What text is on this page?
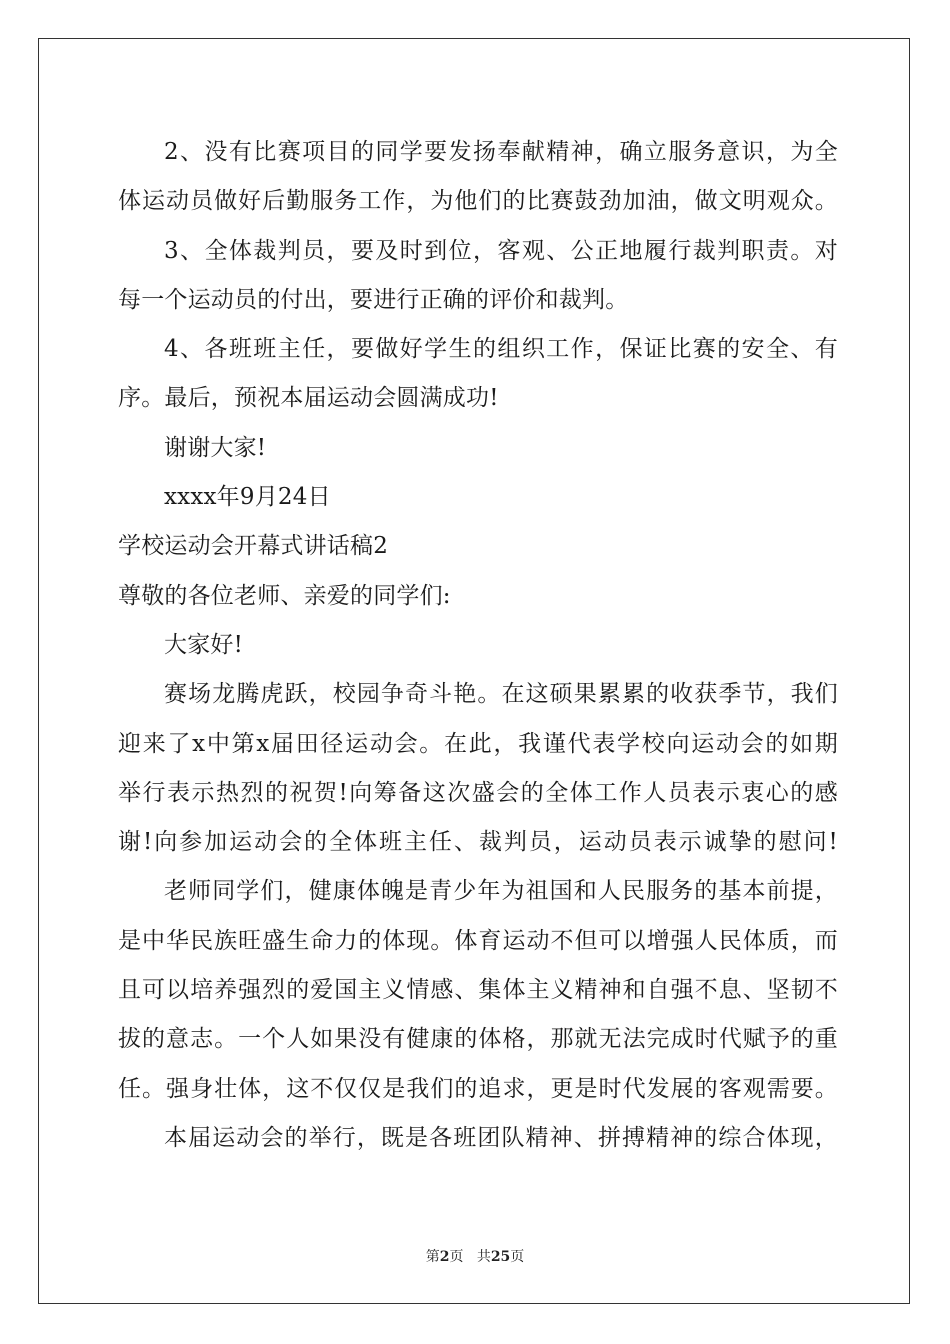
2、没有比赛项目的同学要发扬奉献精神，确立服务意识，为全
体运动员做好后勤服务工作，为他们的比赛鼓劲加油，做文明观众。
3、全体裁判员，要及时到位，客观、公正地履行裁判职责。对
每一个运动员的付出，要进行正确的评价和裁判。
4、各班班主任，要做好学生的组织工作，保证比赛的安全、有
序。最后，预祝本届运动会圆满成功!
谢谢大家!
xxxx年9月24日
学校运动会开幕式讲话稿2
尊敬的各位老师、亲爱的同学们:
大家好!
赛场龙腾虎跃，校园争奇斗艳。在这硕果累累的收获季节，我们
迎来了x中第x届田径运动会。在此，我谨代表学校向运动会的如期
举行表示热烈的祝贺!向筹备这次盛会的全体工作人员表示衷心的感
谢!向参加运动会的全体班主任、裁判员，运动员表示诚挚的慰问!
老师同学们，健康体魄是青少年为祖国和人民服务的基本前提，
是中华民族旺盛生命力的体现。体育运动不但可以增强人民体质，而
且可以培养强烈的爱国主义情感、集体主义精神和自强不息、坚韧不
拔的意志。一个人如果没有健康的体格，那就无法完成时代赋予的重
任。强身壮体，这不仅仅是我们的追求，更是时代发展的客观需要。
本届运动会的举行，既是各班团队精神、拼搏精神的综合体现，
第2页 共25页
